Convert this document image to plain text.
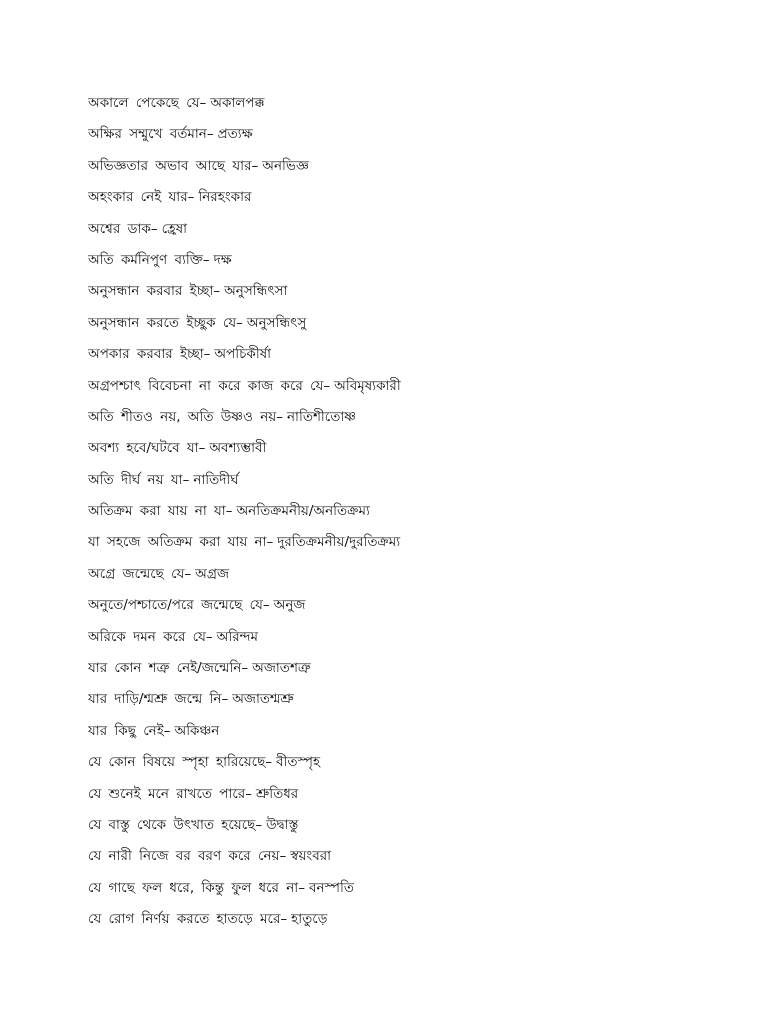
অকালে পেকেছে যে– অকালপক্ক
অক্ষির সম্মুখে বর্তমান– প্রত্যক্ষ
অভিজ্ঞতার অভাব আছে যার– অনভিজ্ঞ
অহংকার নেই যার– নিরহংকার
অশ্বের ডাক– হ্রেষা
অতি কর্মনিপুণ ব্যক্তি– দক্ষ
অনুসন্ধান করবার ইচ্ছা– অনুসন্ধিৎসা
অনুসন্ধান করতে ইচ্ছুক যে– অনুসন্ধিৎসু
অপকার করবার ইচ্ছা– অপচিকীর্ষা
অগ্রপশ্চাৎ বিবেচনা না করে কাজ করে যে– অবিমৃষ্যকারী
অতি শীতও নয়, অতি উষ্ণও নয়– নাতিশীতোষ্ণ
অবশ্য হবে/ঘটবে যা– অবশ্যম্ভাবী
অতি দীর্ঘ নয় যা– নাতিদীর্ঘ
অতিক্রম করা যায় না যা– অনতিক্রমনীয়/অনতিক্রম্য
যা সহজে অতিক্রম করা যায় না– দুরতিক্রমনীয়/দুরতিক্রম্য
অগ্রে জন্মেছে যে– অগ্রজ
অনুতে/পশ্চাতে/পরে জন্মেছে যে– অনুজ
অরিকে দমন করে যে– অরিন্দম
যার কোন শত্রু নেই/জন্মেনি– অজাতশত্রু
যার দাড়ি/শ্মশ্রু জন্মে নি– অজাতশ্মশ্রু
যার কিছু নেই– অকিঞ্চন
যে কোন বিষয়ে স্পৃহা হারিয়েছে– বীতস্পৃহ
যে শুনেই মনে রাখতে পারে– শ্রুতিধর
যে বাস্তু থেকে উৎখাত হয়েছে– উদ্বাস্তু
যে নারী নিজে বর বরণ করে নেয়– স্বয়ংবরা
যে গাছে ফল ধরে, কিন্তু ফুল ধরে না– বনস্পতি
যে রোগ নির্ণয় করতে হাতড়ে মরে– হাতুড়ে
